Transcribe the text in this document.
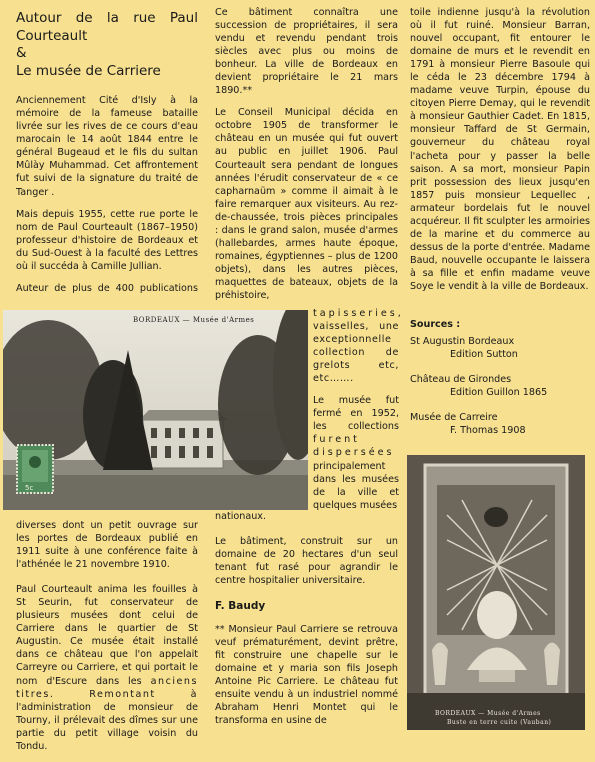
Autour de la rue Paul
Courteault
&
Le musée de Carriere

Anciennement Cité d'Isly à la mémoire de la fameuse bataille livrée sur les rives de ce cours d'eau marocain le 14 août 1844 entre le général Bugeaud et le fils du sultan Mûlày Muhammad. Cet affrontement fut suivi de la signature du traité de Tanger .

Mais depuis 1955, cette rue porte le nom de Paul Courteault (1867–1950) professeur d'histoire de Bordeaux et du Sud-Ouest à la faculté des Lettres où il succéda à Camille Jullian.

Auteur de plus de 400 publications

5c
BORDEAUX — Musée d'Armes

diverses dont un petit ouvrage sur les portes de Bordeaux publié en 1911 suite à une conférence faite à l'athénée le 21 novembre 1910.

Paul Courteault anima les fouilles à St Seurin, fut conservateur de plusieurs musées dont celui de Carriere dans le quartier de St Augustin. Ce musée était installé dans ce château que l'on appelait Carreyre ou Carriere, et qui portait le nom d'Escure dans les anciens titres. Remontant à l'administration de monsieur de Tourny, il prélevait des dîmes sur une partie du petit village voisin du Tondu.

Ce bâtiment connaîtra une succession de propriétaires, il sera vendu et revendu pendant trois siècles avec plus ou moins de bonheur. La ville de Bordeaux en devient propriétaire le 21 mars 1890.**

Le Conseil Municipal décida en octobre 1905 de transformer le château en un musée qui fut ouvert au public en juillet 1906. Paul Courteault sera pendant de longues années l'érudit conservateur de « ce capharnaüm » comme il aimait à le faire remarquer aux visiteurs. Au rez-de-chaussée, trois pièces principales : dans le grand salon, musée d'armes (hallebardes, armes haute époque, romaines, égyptiennes – plus de 1200 objets), dans les autres pièces, maquettes de bateaux, objets de la préhistoire,

tapisseries, vaisselles, une exceptionnelle collection de grelots etc, etc…….

Le musée fut fermé en 1952, les collections furent dispersées principalement dans les musées de la ville et quelques musées

nationaux.

Le bâtiment, construit sur un domaine de 20 hectares d'un seul tenant fut rasé pour agrandir le centre hospitalier universitaire.

F. Baudy

** Monsieur Paul Carriere se retrouva veuf prématurément, devint prêtre, fit construire une chapelle sur le domaine et y maria son fils Joseph Antoine Pic Carriere. Le château fut ensuite vendu à un industriel nommé Abraham Henri Montet qui le transforma en usine de

toile indienne jusqu'à la révolution où il fut ruiné. Monsieur Barran, nouvel occupant, fit entourer le domaine de murs et le revendit en 1791 à monsieur Pierre Basoule qui le céda le 23 décembre 1794 à madame veuve Turpin, épouse du citoyen Pierre Demay, qui le revendit à monsieur Gauthier Cadet. En 1815, monsieur Taffard de St Germain, gouverneur du château royal l'acheta pour y passer la belle saison. A sa mort, monsieur Papin prit possession des lieux jusqu'en 1857 puis monsieur Lequellec , armateur bordelais fut le nouvel acquéreur. Il fit sculpter les armoiries de la marine et du commerce au dessus de la porte d'entrée. Madame Baud, nouvelle occupante le laissera à sa fille et enfin madame veuve Soye le vendit à la ville de Bordeaux.

Sources :

St Augustin Bordeaux
Edition Sutton

Château de Girondes
Edition Guillon 1865

Musée de Carreire
F. Thomas 1908

BORDEAUX — Musée d'Armes
Buste en terre cuite (Vauban)
